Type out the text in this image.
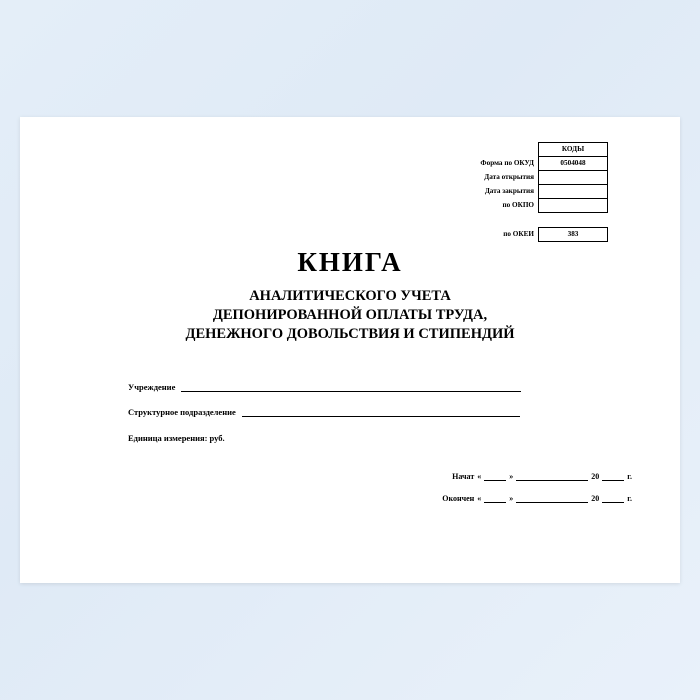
	КОДЫ
Форма по ОКУД	0504048
Дата открытия	
Дата закрытия	
по ОКПО	

по ОКЕИ	383
КНИГА
АНАЛИТИЧЕСКОГО УЧЕТА
ДЕПОНИРОВАННОЙ ОПЛАТЫ ТРУДА,
ДЕНЕЖНОГО ДОВОЛЬСТВИЯ И СТИПЕНДИЙ
Учреждение
Структурное подразделение
Единица измерения: руб.
Начат «	»	20	г.
Окончен «	»	20	г.
